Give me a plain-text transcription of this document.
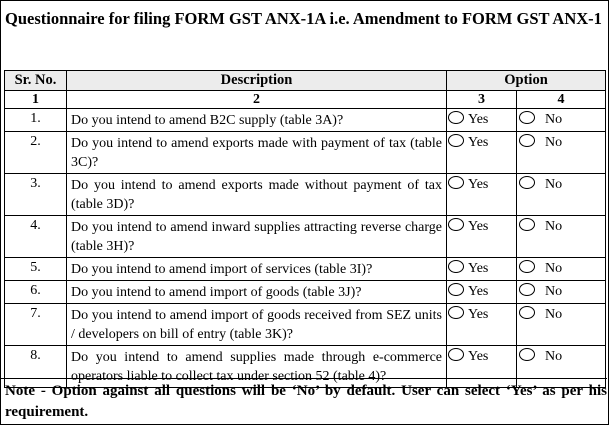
Questionnaire for filing FORM GST ANX-1A i.e. Amendment to FORM GST ANX-1
Sr. No.	Description	Option	
1	2	3	4
1.	Do you intend to amend B2C supply (table 3A)?	Yes	No
2.	Do you intend to amend exports made with payment of tax (table 3C)?	Yes	No
3.	Do you intend to amend exports made without payment of tax (table 3D)?	Yes	No
4.	Do you intend to amend inward supplies attracting reverse charge (table 3H)?	Yes	No
5.	Do you intend to amend import of services (table 3I)?	Yes	No
6.	Do you intend to amend import of goods (table 3J)?	Yes	No
7.	Do you intend to amend import of goods received from SEZ units / developers on bill of entry (table 3K)?	Yes	No
8.	Do you intend to amend supplies made through e-commerce operators liable to collect tax under section 52 (table 4)?	Yes	No

Note - Option against all questions will be ‘No’ by default. User can select ‘Yes’ as per his requirement.
